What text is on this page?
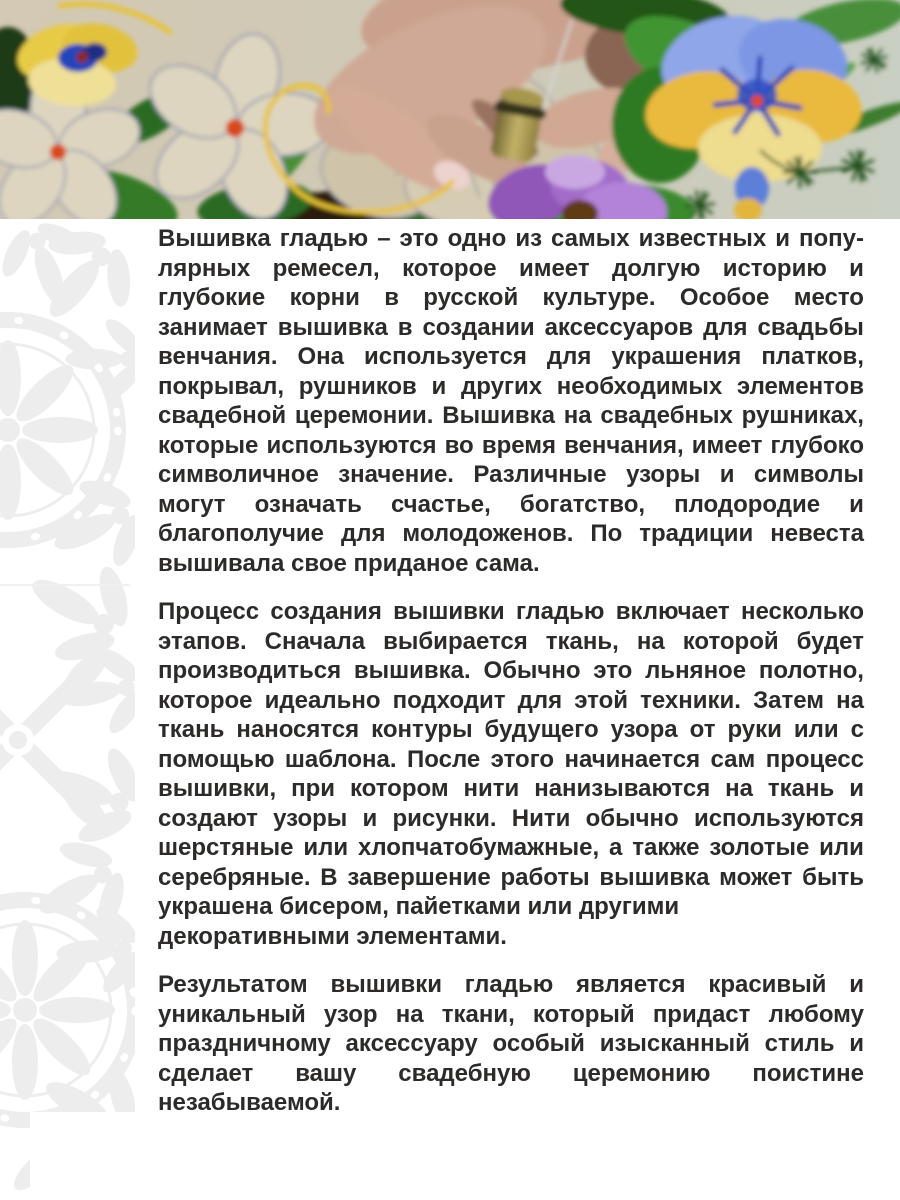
Вышивка гладью – это одно из самых известных и попу-
лярных ремесел, которое имеет долгую историю и
глубокие корни в русской культуре. Особое место
занимает вышивка в создании аксессуаров для свадьбы
венчания. Она используется для украшения платков,
покрывал, рушников и других необходимых элементов
свадебной церемонии. Вышивка на свадебных рушниках,
которые используются во время венчания, имеет глубоко
символичное значение. Различные узоры и символы
могут означать счастье, богатство, плодородие и
благополучие для молодоженов. По традиции невеста
вышивала свое приданое сама.
Процесс создания вышивки гладью включает несколько
этапов. Сначала выбирается ткань, на которой будет
производиться вышивка. Обычно это льняное полотно,
которое идеально подходит для этой техники. Затем на
ткань наносятся контуры будущего узора от руки или с
помощью шаблона. После этого начинается сам процесс
вышивки, при котором нити нанизываются на ткань и
создают узоры и рисунки. Нити обычно используются
шерстяные или хлопчатобумажные, а также золотые или
серебряные. В завершение работы вышивка может быть
украшена бисером, пайетками или другими
декоративными элементами.
Результатом вышивки гладью является красивый и
уникальный узор на ткани, который придаст любому
праздничному аксессуару особый изысканный стиль и
сделает вашу свадебную церемонию поистине
незабываемой.
